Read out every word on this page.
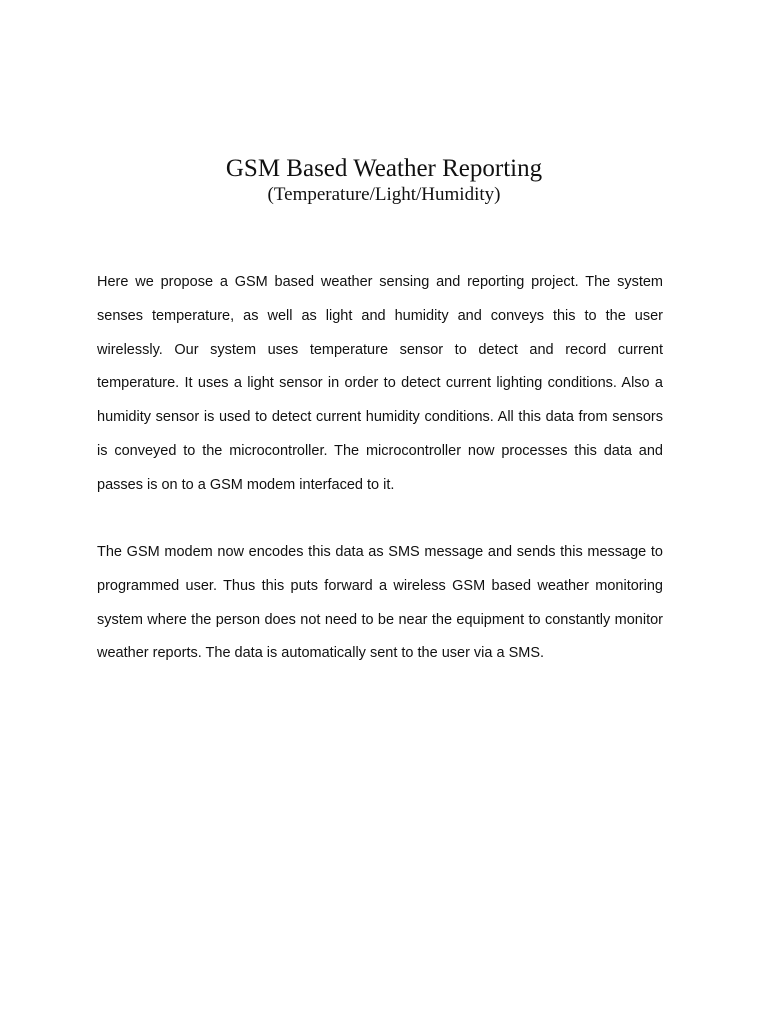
GSM Based Weather Reporting
(Temperature/Light/Humidity)

Here we propose a GSM based weather sensing and reporting project. The system senses temperature, as well as light and humidity and conveys this to the user wirelessly. Our system uses temperature sensor to detect and record current temperature. It uses a light sensor in order to detect current lighting conditions. Also a humidity sensor is used to detect current humidity conditions. All this data from sensors is conveyed to the microcontroller. The microcontroller now processes this data and passes is on to a GSM modem interfaced to it.

The GSM modem now encodes this data as SMS message and sends this message to programmed user. Thus this puts forward a wireless GSM based weather monitoring system where the person does not need to be near the equipment to constantly monitor weather reports. The data is automatically sent to the user via a SMS.
